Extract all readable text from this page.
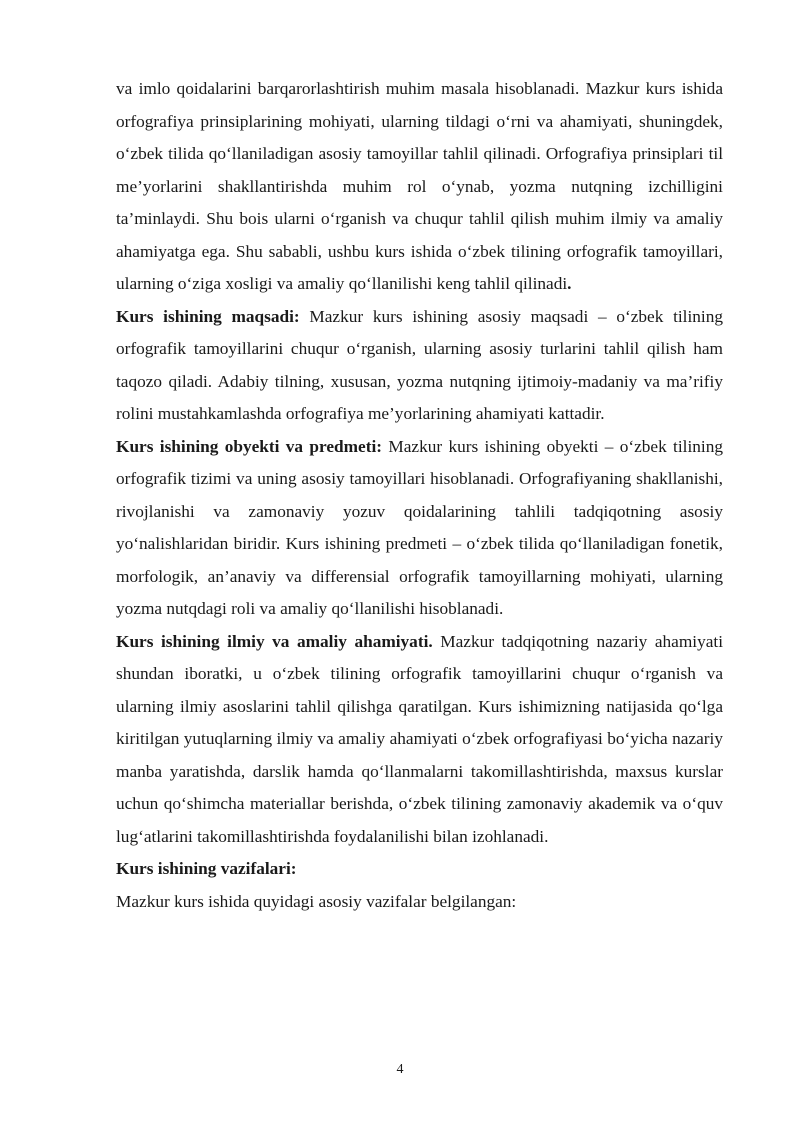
va imlo qoidalarini barqarorlashtirish muhim masala hisoblanadi. Mazkur kurs ishida orfografiya prinsiplarining mohiyati, ularning tildagi o‘rni va ahamiyati, shuningdek, o‘zbek tilida qo‘llaniladigan asosiy tamoyillar tahlil qilinadi. Orfografiya prinsiplari til me’yorlarini shakllantirishda muhim rol o‘ynab, yozma nutqning izchilligini ta’minlaydi. Shu bois ularni o‘rganish va chuqur tahlil qilish muhim ilmiy va amaliy ahamiyatga ega. Shu sababli, ushbu kurs ishida o‘zbek tilining orfografik tamoyillari, ularning o‘ziga xosligi va amaliy qo‘llanilishi keng tahlil qilinadi.

Kurs ishining maqsadi: Mazkur kurs ishining asosiy maqsadi – o‘zbek tilining orfografik tamoyillarini chuqur o‘rganish, ularning asosiy turlarini tahlil qilish ham taqozo qiladi. Adabiy tilning, xususan, yozma nutqning ijtimoiy-madaniy va ma’rifiy rolini mustahkamlashda orfografiya me’yorlarining ahamiyati kattadir.

Kurs ishining obyekti va predmeti: Mazkur kurs ishining obyekti – o‘zbek tilining orfografik tizimi va uning asosiy tamoyillari hisoblanadi. Orfografiyaning shakllanishi, rivojlanishi va zamonaviy yozuv qoidalarining tahlili tadqiqotning asosiy yo‘nalishlaridan biridir. Kurs ishining predmeti – o‘zbek tilida qo‘llaniladigan fonetik, morfologik, an’anaviy va differensial orfografik tamoyillarning mohiyati, ularning yozma nutqdagi roli va amaliy qo‘llanilishi hisoblanadi.

Kurs ishining ilmiy va amaliy ahamiyati. Mazkur tadqiqotning nazariy ahamiyati shundan iboratki, u o‘zbek tilining orfografik tamoyillarini chuqur o‘rganish va ularning ilmiy asoslarini tahlil qilishga qaratilgan. Kurs ishimizning natijasida qo‘lga kiritilgan yutuqlarning ilmiy va amaliy ahamiyati o‘zbek orfografiyasi bo‘yicha nazariy manba yaratishda, darslik hamda qo‘llanmalarni takomillashtirishda, maxsus kurslar uchun qo‘shimcha materiallar berishda, o‘zbek tilining zamonaviy akademik va o‘quv lug‘atlarini takomillashtirishda foydalanilishi bilan izohlanadi.

Kurs ishining vazifalari:

Mazkur kurs ishida quyidagi asosiy vazifalar belgilangan:

4
